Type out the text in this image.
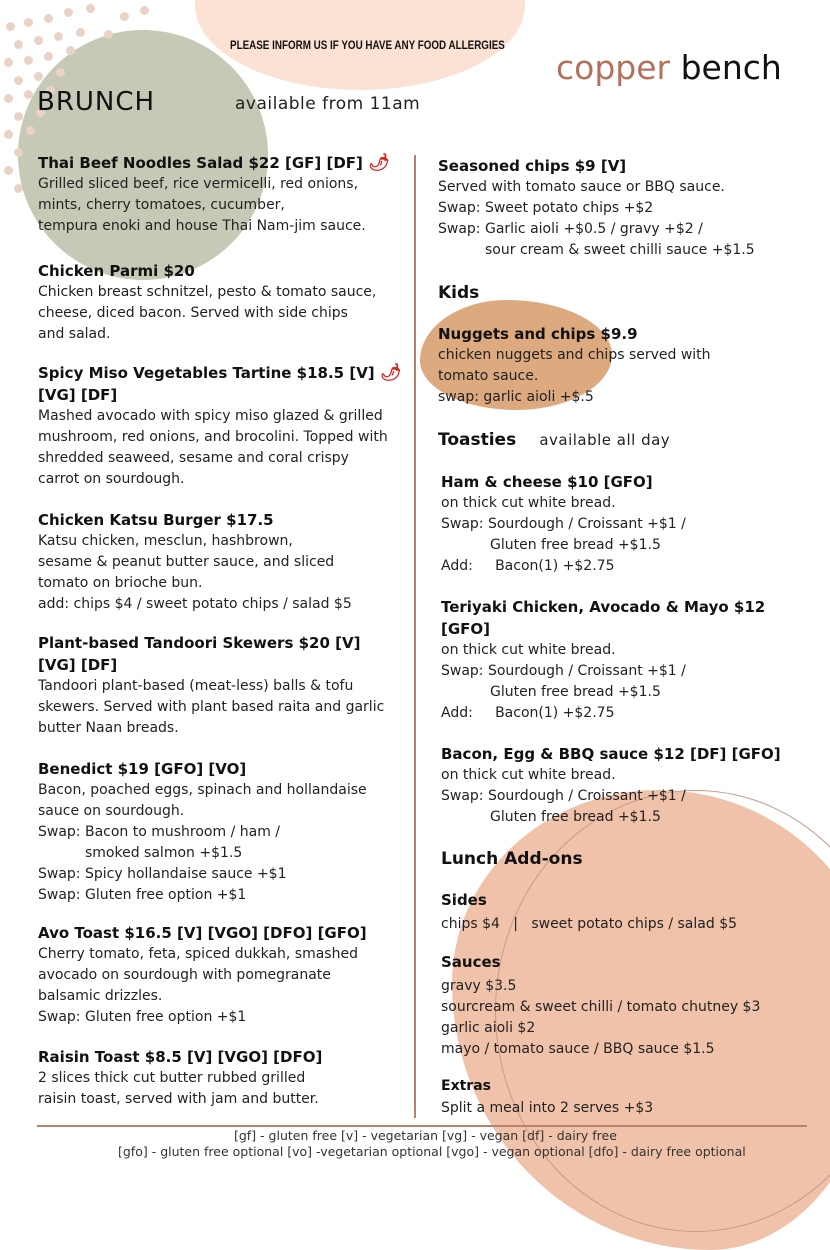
PLEASE INFORM US IF YOU HAVE ANY FOOD ALLERGIES
copper bench
BRUNCH	available from 11am
Thai Beef Noodles Salad $22 [GF] [DF] 🌶
Grilled sliced beef, rice vermicelli, red onions,
mints, cherry tomatoes, cucumber,
tempura enoki and house Thai Nam-jim sauce.
Chicken Parmi $20
Chicken breast schnitzel, pesto & tomato sauce,
cheese, diced bacon. Served with side chips
and salad.
Spicy Miso Vegetables Tartine $18.5 [V] 🌶
[VG] [DF]
Mashed avocado with spicy miso glazed & grilled
mushroom, red onions, and brocolini. Topped with
shredded seaweed, sesame and coral crispy
carrot on sourdough.
Chicken Katsu Burger $17.5
Katsu chicken, mesclun, hashbrown,
sesame & peanut butter sauce, and sliced
tomato on brioche bun.
add: chips $4 / sweet potato chips / salad $5
Plant-based Tandoori Skewers $20 [V]
[VG] [DF]
Tandoori plant-based (meat-less) balls & tofu
skewers. Served with plant based raita and garlic
butter Naan breads.
Benedict $19 [GFO] [VO]
Bacon, poached eggs, spinach and hollandaise
sauce on sourdough.
Swap: Bacon to mushroom / ham /
smoked salmon +$1.5
Swap: Spicy hollandaise sauce +$1
Swap: Gluten free option +$1
Avo Toast $16.5 [V] [VGO] [DFO] [GFO]
Cherry tomato, feta, spiced dukkah, smashed
avocado on sourdough with pomegranate
balsamic drizzles.
Swap: Gluten free option +$1
Raisin Toast $8.5 [V] [VGO] [DFO]
2 slices thick cut butter rubbed grilled
raisin toast, served with jam and butter.
Seasoned chips $9 [V]
Served with tomato sauce or BBQ sauce.
Swap: Sweet potato chips +$2
Swap: Garlic aioli +$0.5 / gravy +$2 /
sour cream & sweet chilli sauce +$1.5
Kids
Nuggets and chips $9.9
chicken nuggets and chips served with
tomato sauce.
swap: garlic aioli +$.5
Toasties available all day
Ham & cheese $10 [GFO]
on thick cut white bread.
Swap: Sourdough / Croissant +$1 /
Gluten free bread +$1.5
Add:     Bacon(1) +$2.75
Teriyaki Chicken, Avocado & Mayo $12
[GFO]
on thick cut white bread.
Swap: Sourdough / Croissant +$1 /
Gluten free bread +$1.5
Add:     Bacon(1) +$2.75
Bacon, Egg & BBQ sauce $12 [DF] [GFO]
on thick cut white bread.
Swap: Sourdough / Croissant +$1 /
Gluten free bread +$1.5
Lunch Add-ons
Sides
chips $4   |   sweet potato chips / salad $5
Sauces
gravy $3.5
sourcream & sweet chilli / tomato chutney $3
garlic aioli $2
mayo / tomato sauce / BBQ sauce $1.5
Extras
Split a meal into 2 serves +$3
[gf] - gluten free [v] - vegetarian [vg] - vegan [df] - dairy free
[gfo] - gluten free optional [vo] -vegetarian optional [vgo] - vegan optional [dfo] - dairy free optional
